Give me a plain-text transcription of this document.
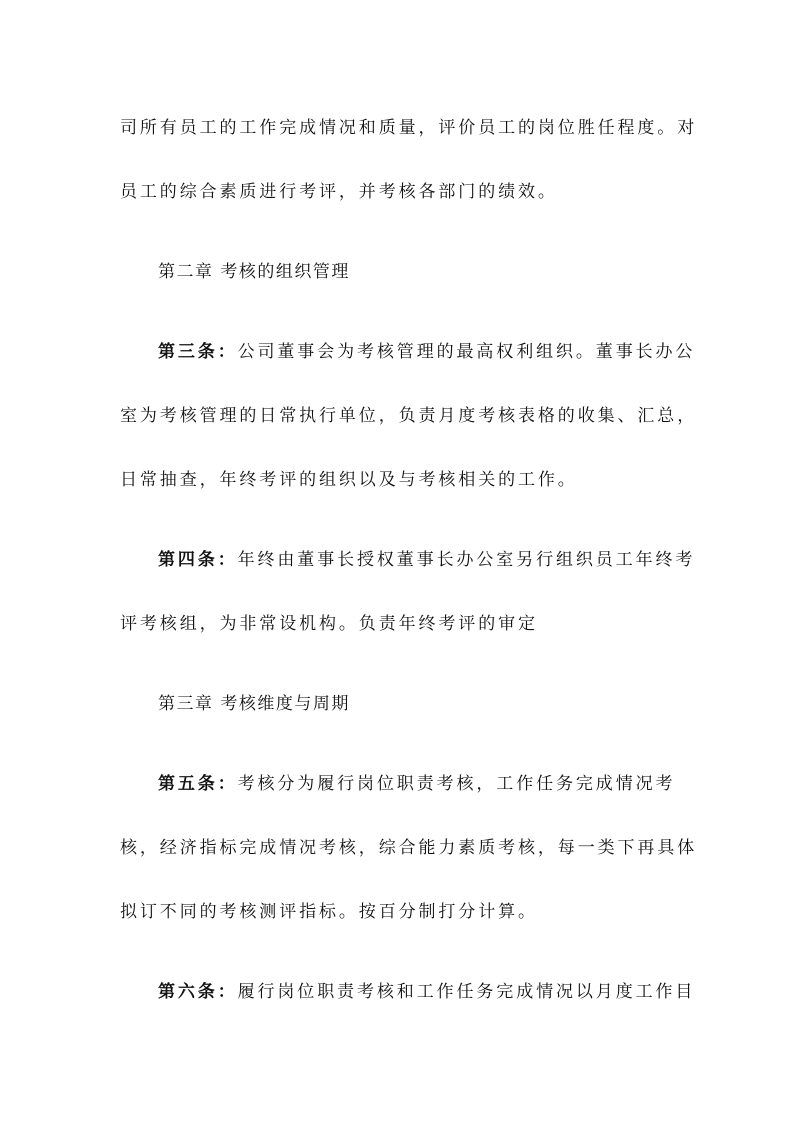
司所有员工的工作完成情况和质量，评价员工的岗位胜任程度。对
员工的综合素质进行考评，并考核各部门的绩效。
第二章 考核的组织管理
第三条：公司董事会为考核管理的最高权利组织。董事长办公
室为考核管理的日常执行单位，负责月度考核表格的收集、汇总，
日常抽查，年终考评的组织以及与考核相关的工作。
第四条：年终由董事长授权董事长办公室另行组织员工年终考
评考核组，为非常设机构。负责年终考评的审定
第三章 考核维度与周期
第五条：考核分为履行岗位职责考核，工作任务完成情况考
核，经济指标完成情况考核，综合能力素质考核，每一类下再具体
拟订不同的考核测评指标。按百分制打分计算。
第六条：履行岗位职责考核和工作任务完成情况以月度工作目
